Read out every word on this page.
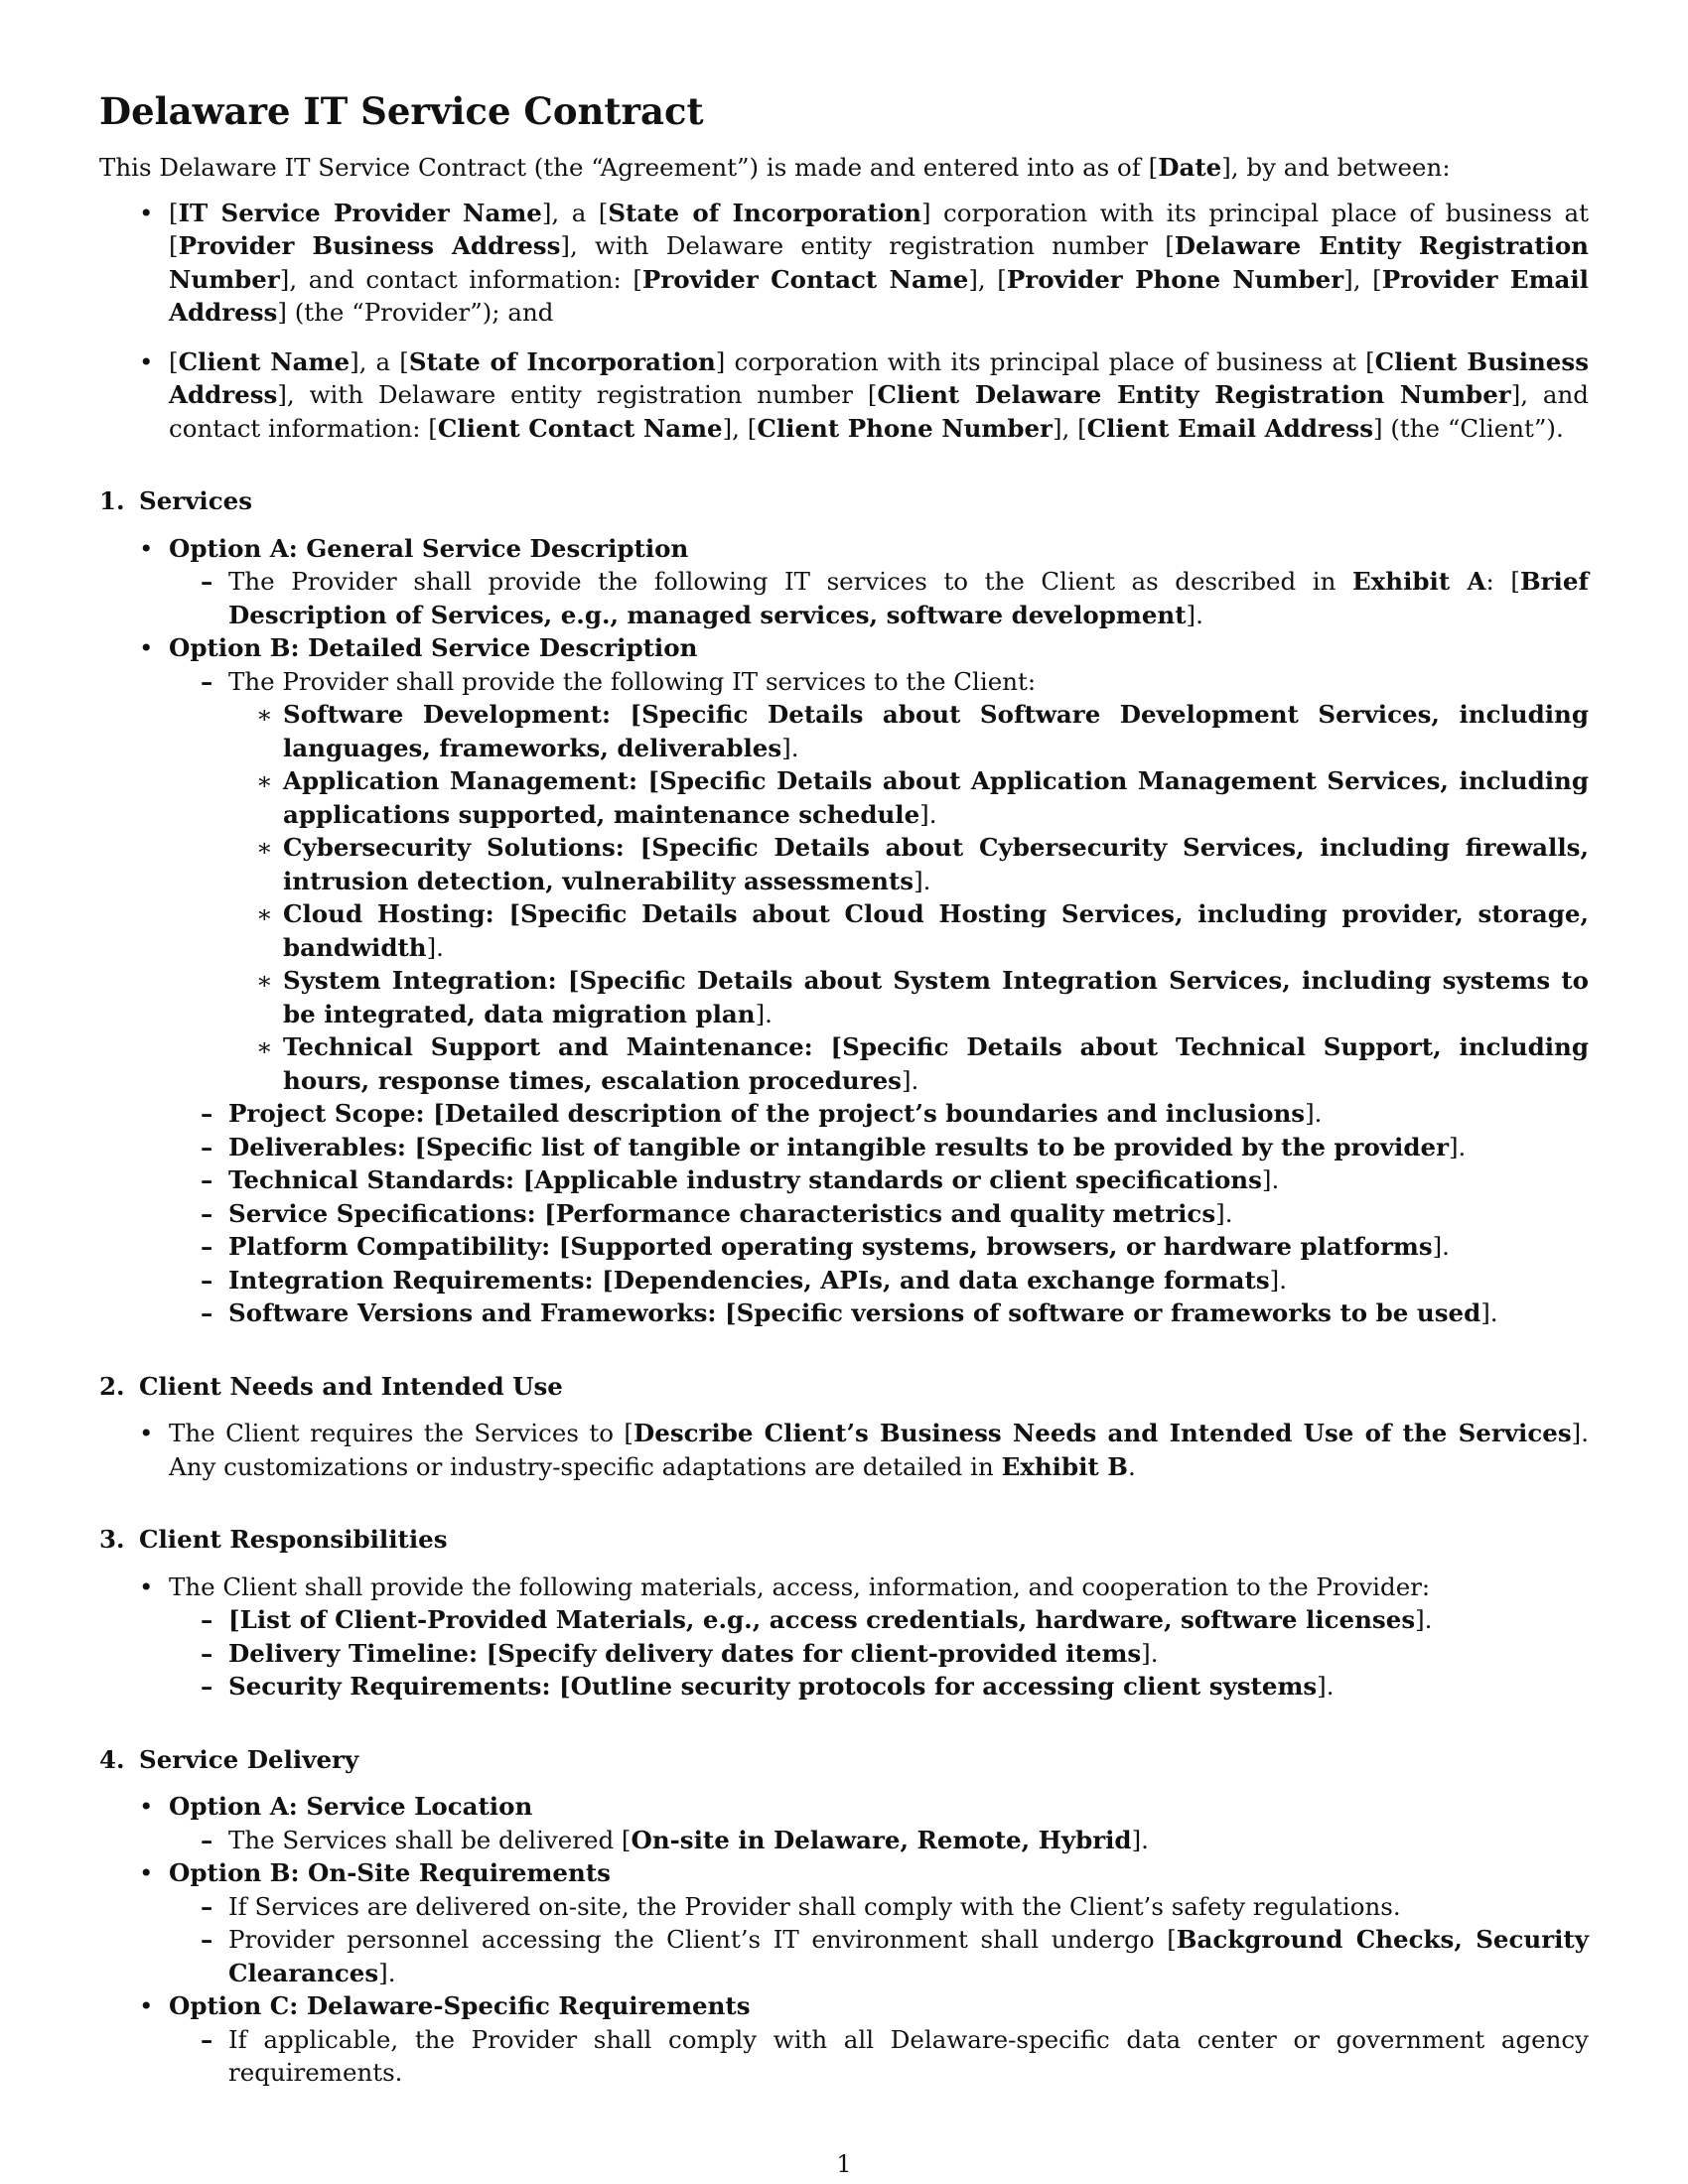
Delaware IT Service Contract

This Delaware IT Service Contract (the “Agreement”) is made and entered into as of [Date], by and between:

• [IT Service Provider Name], a [State of Incorporation] corporation with its principal place of business at [Provider Business Address], with Delaware entity registration number [Delaware Entity Registration Number], and contact information: [Provider Contact Name], [Provider Phone Number], [Provider Email Address] (the “Provider”); and
• [Client Name], a [State of Incorporation] corporation with its principal place of business at [Client Business Address], with Delaware entity registration number [Client Delaware Entity Registration Number], and contact information: [Client Contact Name], [Client Phone Number], [Client Email Address] (the “Client”).
1. Services
• Option A: General Service Description
– The Provider shall provide the following IT services to the Client as described in Exhibit A: [Brief Description of Services, e.g., managed services, software development].
• Option B: Detailed Service Description
– The Provider shall provide the following IT services to the Client:
∗ Software Development: [Specific Details about Software Development Services, including languages, frameworks, deliverables].
∗ Application Management: [Specific Details about Application Management Services, including applications supported, maintenance schedule].
∗ Cybersecurity Solutions: [Specific Details about Cybersecurity Services, including firewalls, intrusion detection, vulnerability assessments].
∗ Cloud Hosting: [Specific Details about Cloud Hosting Services, including provider, storage, bandwidth].
∗ System Integration: [Specific Details about System Integration Services, including systems to be integrated, data migration plan].
∗ Technical Support and Maintenance: [Specific Details about Technical Support, including hours, response times, escalation procedures].
– Project Scope: [Detailed description of the project’s boundaries and inclusions].
– Deliverables: [Specific list of tangible or intangible results to be provided by the provider].
– Technical Standards: [Applicable industry standards or client specifications].
– Service Specifications: [Performance characteristics and quality metrics].
– Platform Compatibility: [Supported operating systems, browsers, or hardware platforms].
– Integration Requirements: [Dependencies, APIs, and data exchange formats].
– Software Versions and Frameworks: [Specific versions of software or frameworks to be used].
2. Client Needs and Intended Use
• The Client requires the Services to [Describe Client’s Business Needs and Intended Use of the Services]. Any customizations or industry-specific adaptations are detailed in Exhibit B.
3. Client Responsibilities
• The Client shall provide the following materials, access, information, and cooperation to the Provider:
– [List of Client-Provided Materials, e.g., access credentials, hardware, software licenses].
– Delivery Timeline: [Specify delivery dates for client-provided items].
– Security Requirements: [Outline security protocols for accessing client systems].
4. Service Delivery
• Option A: Service Location
– The Services shall be delivered [On-site in Delaware, Remote, Hybrid].
• Option B: On-Site Requirements
– If Services are delivered on-site, the Provider shall comply with the Client’s safety regulations.
– Provider personnel accessing the Client’s IT environment shall undergo [Background Checks, Security Clearances].
• Option C: Delaware-Specific Requirements
– If applicable, the Provider shall comply with all Delaware-specific data center or government agency requirements.
1
